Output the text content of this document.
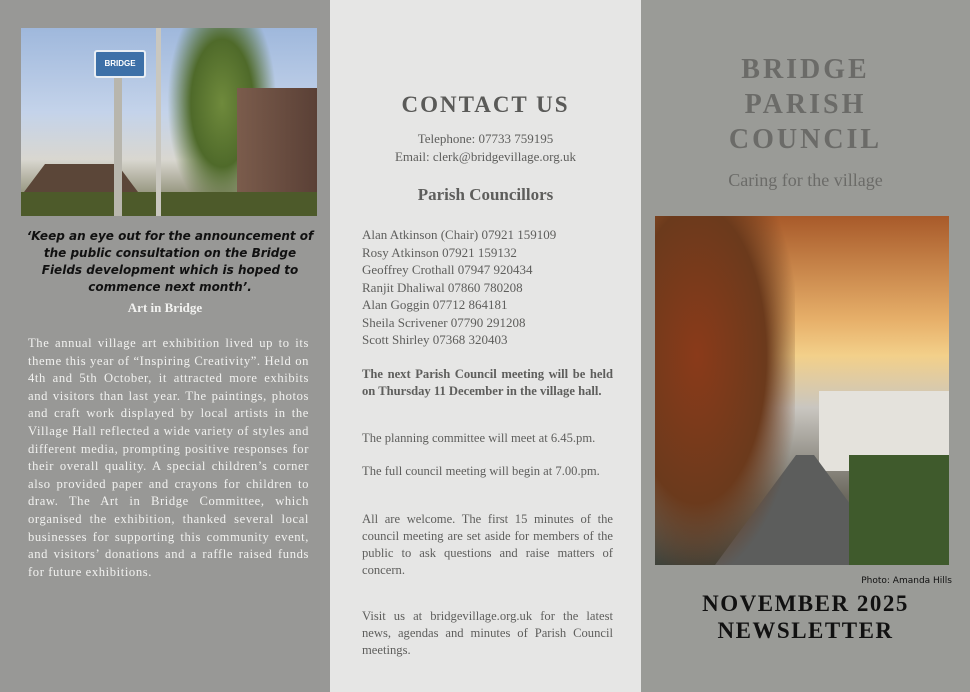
BRIDGE
‘Keep an eye out for the announcement of the public consultation on the Bridge Fields development which is hoped to commence next month’.
Art in Bridge
The annual village art exhibition lived up to its theme this year of “Inspiring Creativity”. Held on 4th and 5th October, it attracted more exhibits and visitors than last year. The paintings, photos and craft work displayed by local artists in the Village Hall reflected a wide variety of styles and different media, prompting positive responses for their overall quality. A special children’s corner also provided paper and crayons for children to draw. The Art in Bridge Committee, which organised the exhibition, thanked several local businesses for supporting this community event, and visitors’ donations and a raffle raised funds for future exhibitions.
CONTACT US
Telephone: 07733 759195
Email: clerk@bridgevillage.org.uk
Parish Councillors
Alan Atkinson (Chair) 07921 159109
Rosy Atkinson 07921 159132
Geoffrey Crothall 07947 920434
Ranjit Dhaliwal 07860 780208
Alan Goggin 07712 864181
Sheila Scrivener 07790 291208
Scott Shirley 07368 320403
The next Parish Council meeting will be held on Thursday 11 December in the village hall.
The planning committee will meet at 6.45.pm.
The full council meeting will begin at 7.00.pm.
All are welcome. The first 15 minutes of the council meeting are set aside for members of the public to ask questions and raise matters of concern.
Visit us at bridgevillage.org.uk for the latest news, agendas and minutes of Parish Council meetings.
BRIDGE
PARISH
COUNCIL
Caring for the village
Photo: Amanda Hills
NOVEMBER 2025
NEWSLETTER
